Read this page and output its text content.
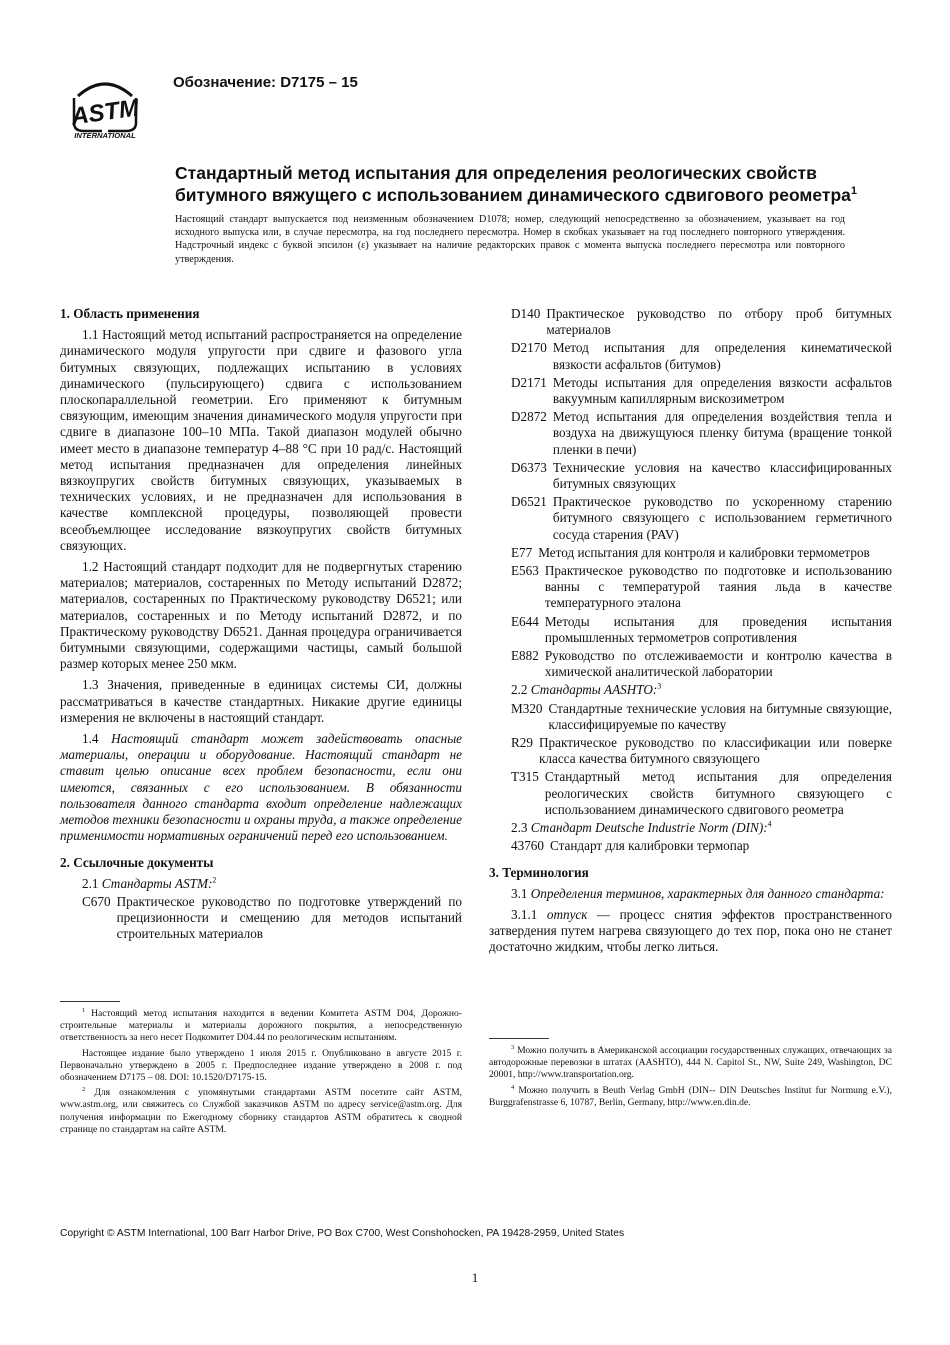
ASTM
INTERNATIONAL
Обозначение: D7175 – 15
Стандартный метод испытания для определения реологических свойств битумного вяжущего с использованием динамического сдвигового реометра$^1$

Настоящий стандарт выпускается под неизменным обозначением D1078; номер, следующий непосредственно за обозначением, указывает на год исходного выпуска или, в случае пересмотра, на год последнего пересмотра. Номер в скобках указывает на год последнего повторного утверждения. Надстрочный индекс с буквой эпсилон (ε) указывает на наличие редакторских правок с момента выпуска последнего пересмотра или повторного утверждения.

1. Область применения

1.1 Настоящий метод испытаний распространяется на определение динамического модуля упругости при сдвиге и фазового угла битумных связующих, подлежащих испытанию в условиях динамического (пульсирующего) сдвига с использованием плоскопараллельной геометрии. Его применяют к битумным связующим, имеющим значения динамического модуля упругости при сдвиге в диапазоне 100–10 МПа. Такой диапазон модулей обычно имеет место в диапазоне температур 4–88 °C при 10 рад/с. Настоящий метод испытания предназначен для определения линейных вязкоупругих свойств битумных связующих, указываемых в технических условиях, и не предназначен для использования в качестве комплексной процедуры, позволяющей провести всеобъемлющее исследование вязкоупругих свойств битумных связующих.

1.2 Настоящий стандарт подходит для не подвергнутых старению материалов; материалов, состаренных по Методу испытаний D2872; материалов, состаренных по Практическому руководству D6521; или материалов, состаренных и по Методу испытаний D2872, и по Практическому руководству D6521. Данная процедура ограничивается битумными связующими, содержащими частицы, самый большой размер которых менее 250 мкм.

1.3 Значения, приведенные в единицах системы СИ, должны рассматриваться в качестве стандартных. Никакие другие единицы измерения не включены в настоящий стандарт.

1.4 Настоящий стандарт может задействовать опасные материалы, операции и оборудование. Настоящий стандарт не ставит целью описание всех проблем безопасности, если они имеются, связанных с его использованием. В обязанности пользователя данного стандарта входит определение надлежащих методов техники безопасности и охраны труда, а также определение применимости нормативных ограничений перед его использованием.

2. Ссылочные документы

2.1 Стандарты ASTM:$^2$

C670 Практическое руководство по подготовке утверждений по прецизионности и смещению для методов испытаний строительных материалов

$^1$ Настоящий метод испытания находится в ведении Комитета ASTM D04, Дорожно-строительные материалы и материалы дорожного покрытия, а непосредственную ответственность за него несет Подкомитет D04.44 по реологическим испытаниям.

Настоящее издание было утверждено 1 июля 2015 г. Опубликовано в августе 2015 г. Первоначально утверждено в 2005 г. Предпоследнее издание утверждено в 2008 г. под обозначением D7175 – 08. DOI: 10.1520/D7175-15.

$^2$ Для ознакомления с упомянутыми стандартами ASTM посетите сайт ASTM, www.astm.org, или свяжитесь со Службой заказчиков ASTM по адресу service@astm.org. Для получения информации по Ежегодному сборнику стандартов ASTM обратитесь к сводной странице по стандартам на сайте ASTM.

D140 Практическое руководство по отбору проб битумных материалов
D2170 Метод испытания для определения кинематической вязкости асфальтов (битумов)
D2171 Методы испытания для определения вязкости асфальтов вакуумным капиллярным вискозиметром
D2872 Метод испытания для определения воздействия тепла и воздуха на движущуюся пленку битума (вращение тонкой пленки в печи)
D6373 Технические условия на качество классифицированных битумных связующих
D6521 Практическое руководство по ускоренному старению битумного связующего с использованием герметичного сосуда старения (PAV)
E77 Метод испытания для контроля и калибровки термометров
E563 Практическое руководство по подготовке и использованию ванны с температурой таяния льда в качестве температурного эталона
E644 Методы испытания для проведения испытания промышленных термометров сопротивления
E882 Руководство по отслеживаемости и контролю качества в химической аналитической лаборатории

2.2 Стандарты AASHTO:$^3$

M320 Стандартные технические условия на битумные связующие, классифицируемые по качеству
R29 Практическое руководство по классификации или поверке класса качества битумного связующего
T315 Стандартный метод испытания для определения реологических свойств битумного связующего с использованием динамического сдвигового реометра

2.3 Стандарт Deutsche Industrie Norm (DIN):$^4$

43760 Стандарт для калибровки термопар

3. Терминология

3.1 Определения терминов, характерных для данного стандарта:

3.1.1 отпуск — процесс снятия эффектов пространственного затвердения путем нагрева связующего до тех пор, пока оно не станет достаточно жидким, чтобы легко литься.

$^3$ Можно получить в Американской ассоциации государственных служащих, отвечающих за автодорожные перевозки в штатах (AASHTO), 444 N. Capitol St., NW, Suite 249, Washington, DC 20001, http://www.transportation.org.

$^4$ Можно получить в Beuth Verlag GmbH (DIN-- DIN Deutsches Institut fur Normung e.V.), Burggrafenstrasse 6, 10787, Berlin, Germany, http://www.en.din.de.

Copyright © ASTM International, 100 Barr Harbor Drive, PO Box C700, West Conshohocken, PA 19428-2959, United States
1
